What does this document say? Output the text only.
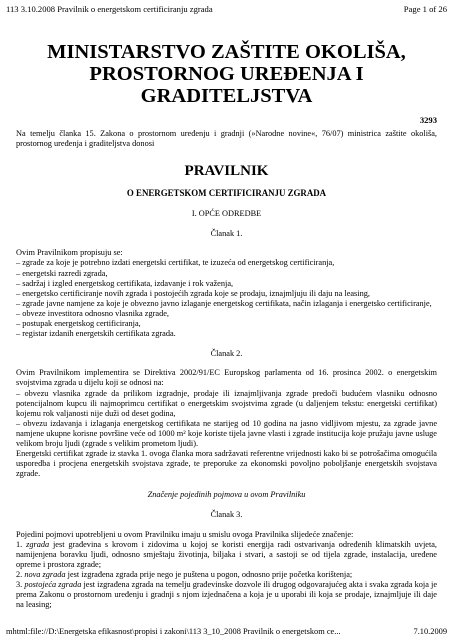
113 3.10.2008 Pravilnik o energetskom certificiranju zgrada	Page 1 of 26
MINISTARSTVO ZAŠTITE OKOLIŠA,
PROSTORNOG UREĐENJA I GRADITELJSTVA
3293

Na temelju članka 15. Zakona o prostornom uređenju i gradnji (»Narodne novine«, 76/07) ministrica zaštite okoliša, prostornog uređenja i graditeljstva donosi

PRAVILNIK
O ENERGETSKOM CERTIFICIRANJU ZGRADA

I. OPĆE ODREDBE

Članak 1.

Ovim Pravilnikom propisuju se:

– zgrade za koje je potrebno izdati energetski certifikat, te izuzeća od energetskog certificiranja,

– energetski razredi zgrada,

– sadržaj i izgled energetskog certifikata, izdavanje i rok važenja,

– energetsko certificiranje novih zgrada i postojećih zgrada koje se prodaju, iznajmljuju ili daju na leasing,

– zgrade javne namjene za koje je obvezno javno izlaganje energetskog certifikata, način izlaganja i energetsko certificiranje,

– obveze investitora odnosno vlasnika zgrade,

– postupak energetskog certificiranja,

– registar izdanih energetskih certifikata zgrada.

Članak 2.

Ovim Pravilnikom implementira se Direktiva 2002/91/EC Europskog parlamenta od 16. prosinca 2002. o energetskim svojstvima zgrada u dijelu koji se odnosi na:

– obvezu vlasnika zgrade da prilikom izgradnje, prodaje ili iznajmljivanja zgrade predoči budućem vlasniku odnosno potencijalnom kupcu ili najmoprimcu certifikat o energetskim svojstvima zgrade (u daljenjem tekstu: energetski certifikat) kojemu rok valjanosti nije duži od deset godina,

– obvezu izdavanja i izlaganja energetskog certifikata ne starijeg od 10 godina na jasno vidljivom mjestu, za zgrade javne namjene ukupne korisne površine veće od 1000 m² koje koriste tijela javne vlasti i zgrade institucija koje pružaju javne usluge velikom broju ljudi (zgrade s velikim prometom ljudi).

Energetski certifikat zgrade iz stavka 1. ovoga članka mora sadržavati referentne vrijednosti kako bi se potrošačima omogućila usporedba i procjena energetskih svojstava zgrade, te preporuke za ekonomski povoljno poboljšanje energetskih svojstava zgrade.

Značenje pojedinih pojmova u ovom Pravilniku

Članak 3.

Pojedini pojmovi upotrebljeni u ovom Pravilniku imaju u smislu ovoga Pravilnika slijedeće značenje:

1. zgrada jest građevina s krovom i zidovima u kojoj se koristi energija radi ostvarivanja određenih klimatskih uvjeta, namijenjena boravku ljudi, odnosno smještaju životinja, biljaka i stvari, a sastoji se od tijela zgrade, instalacija, uređene opreme i prostora zgrade;

2. nova zgrada jest izgrađena zgrada prije nego je puštena u pogon, odnosno prije početka korištenja;

3. postojeća zgrada jest izgrađena zgrada na temelju građevinske dozvole ili drugog odgovarajućeg akta i svaka zgrada koja je prema Zakonu o prostornom uređenju i gradnji s njom izjednačena a koja je u uporabi ili koja se prodaje, iznajmljuje ili daje na leasing;

mhtml:file://D:\Energetska efikasnost\propisi i zakoni\113 3_10_2008 Pravilnik o energetskom ce...	7.10.2009
